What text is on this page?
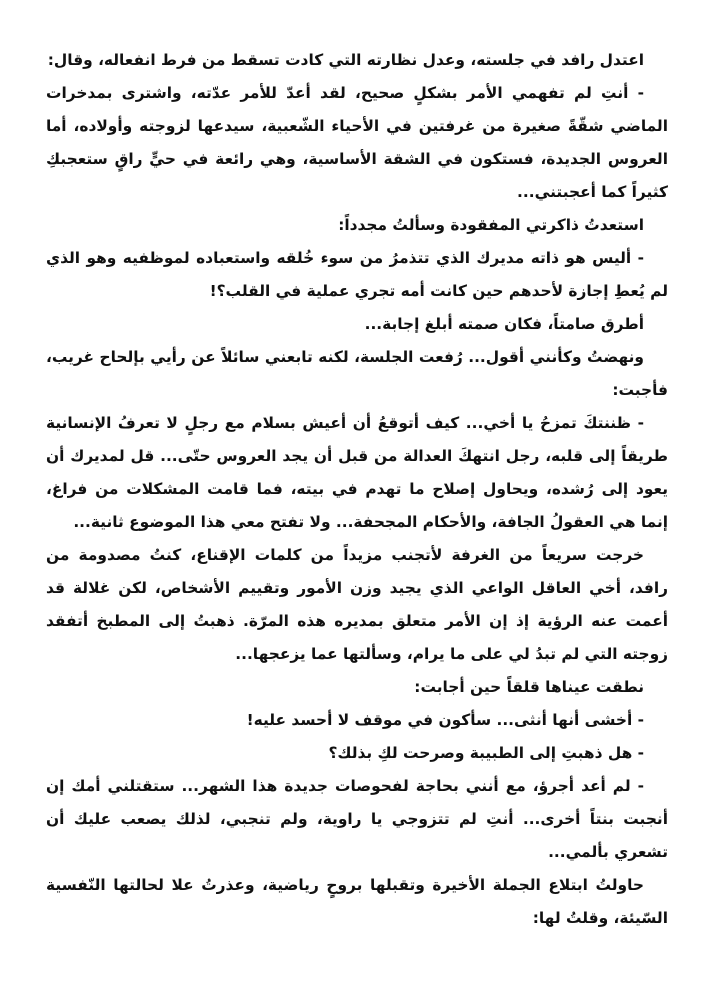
اعتدل رافد في جلسته، وعدل نظارته التي كادت تسقط من فرط انفعاله، وقال:

- أنتِ لم تفهمي الأمر بشكلٍ صحيح، لقد أعدّ للأمر عدّته، واشترى بمدخرات الماضي شقّةً صغيرة من غرفتين في الأحياء الشّعبية، سيدعها لزوجته وأولاده، أما العروس الجديدة، فستكون في الشقة الأساسية، وهي رائعة في حيٍّ راقٍ ستعجبكِ كثيراً كما أعجبتني...

استعدتُ ذاكرتي المفقودة وسألتُ مجدداً:

- أليس هو ذاته مديرك الذي تتذمرُ من سوء خُلقه واستعباده لموظفيه وهو الذي لم يُعطِ إجازة لأحدهم حين كانت أمه تجري عملية في القلب؟!

أطرق صامتاً، فكان صمته أبلغ إجابة...

ونهضتُ وكأنني أقول... رُفعت الجلسة، لكنه تابعني سائلاً عن رأيي بإلحاح غريب، فأجبت:

- ظننتكَ تمزحُ يا أخي... كيف أتوقعُ أن أعيش بسلام مع رجلٍ لا تعرفُ الإنسانية طريقاً إلى قلبه، رجل انتهكَ العدالة من قبل أن يجد العروس حتّى... قل لمديرك أن يعود إلى رُشده، ويحاول إصلاح ما تهدم في بيته، فما قامت المشكلات من فراغ، إنما هي العقولُ الجافة، والأحكام المجحفة... ولا تفتح معي هذا الموضوع ثانية...

خرجت سريعاً من الغرفة لأتجنب مزيداً من كلمات الإقناع، كنتُ مصدومة من رافد، أخي العاقل الواعي الذي يجيد وزن الأمور وتقييم الأشخاص، لكن غلالة قد أعمت عنه الرؤية إذ إن الأمر متعلق بمديره هذه المرّة. ذهبتُ إلى المطبخ أتفقد زوجته التي لم تبدُ لي على ما يرام، وسألتها عما يزعجها...

نطقت عيناها قلقاً حين أجابت:

- أخشى أنها أنثى... سأكون في موقف لا أحسد عليه!

- هل ذهبتِ إلى الطبيبة وصرحت لكِ بذلك؟

- لم أعد أجرؤ، مع أنني بحاجة لفحوصات جديدة هذا الشهر... ستقتلني أمك إن أنجبت بنتاً أخرى... أنتِ لم تتزوجي يا راوية، ولم تنجبي، لذلك يصعب عليك أن تشعري بألمي...

حاولتُ ابتلاع الجملة الأخيرة وتقبلها بروحٍ رياضية، وعذرتُ علا لحالتها النّفسية السّيئة، وقلتُ لها:
